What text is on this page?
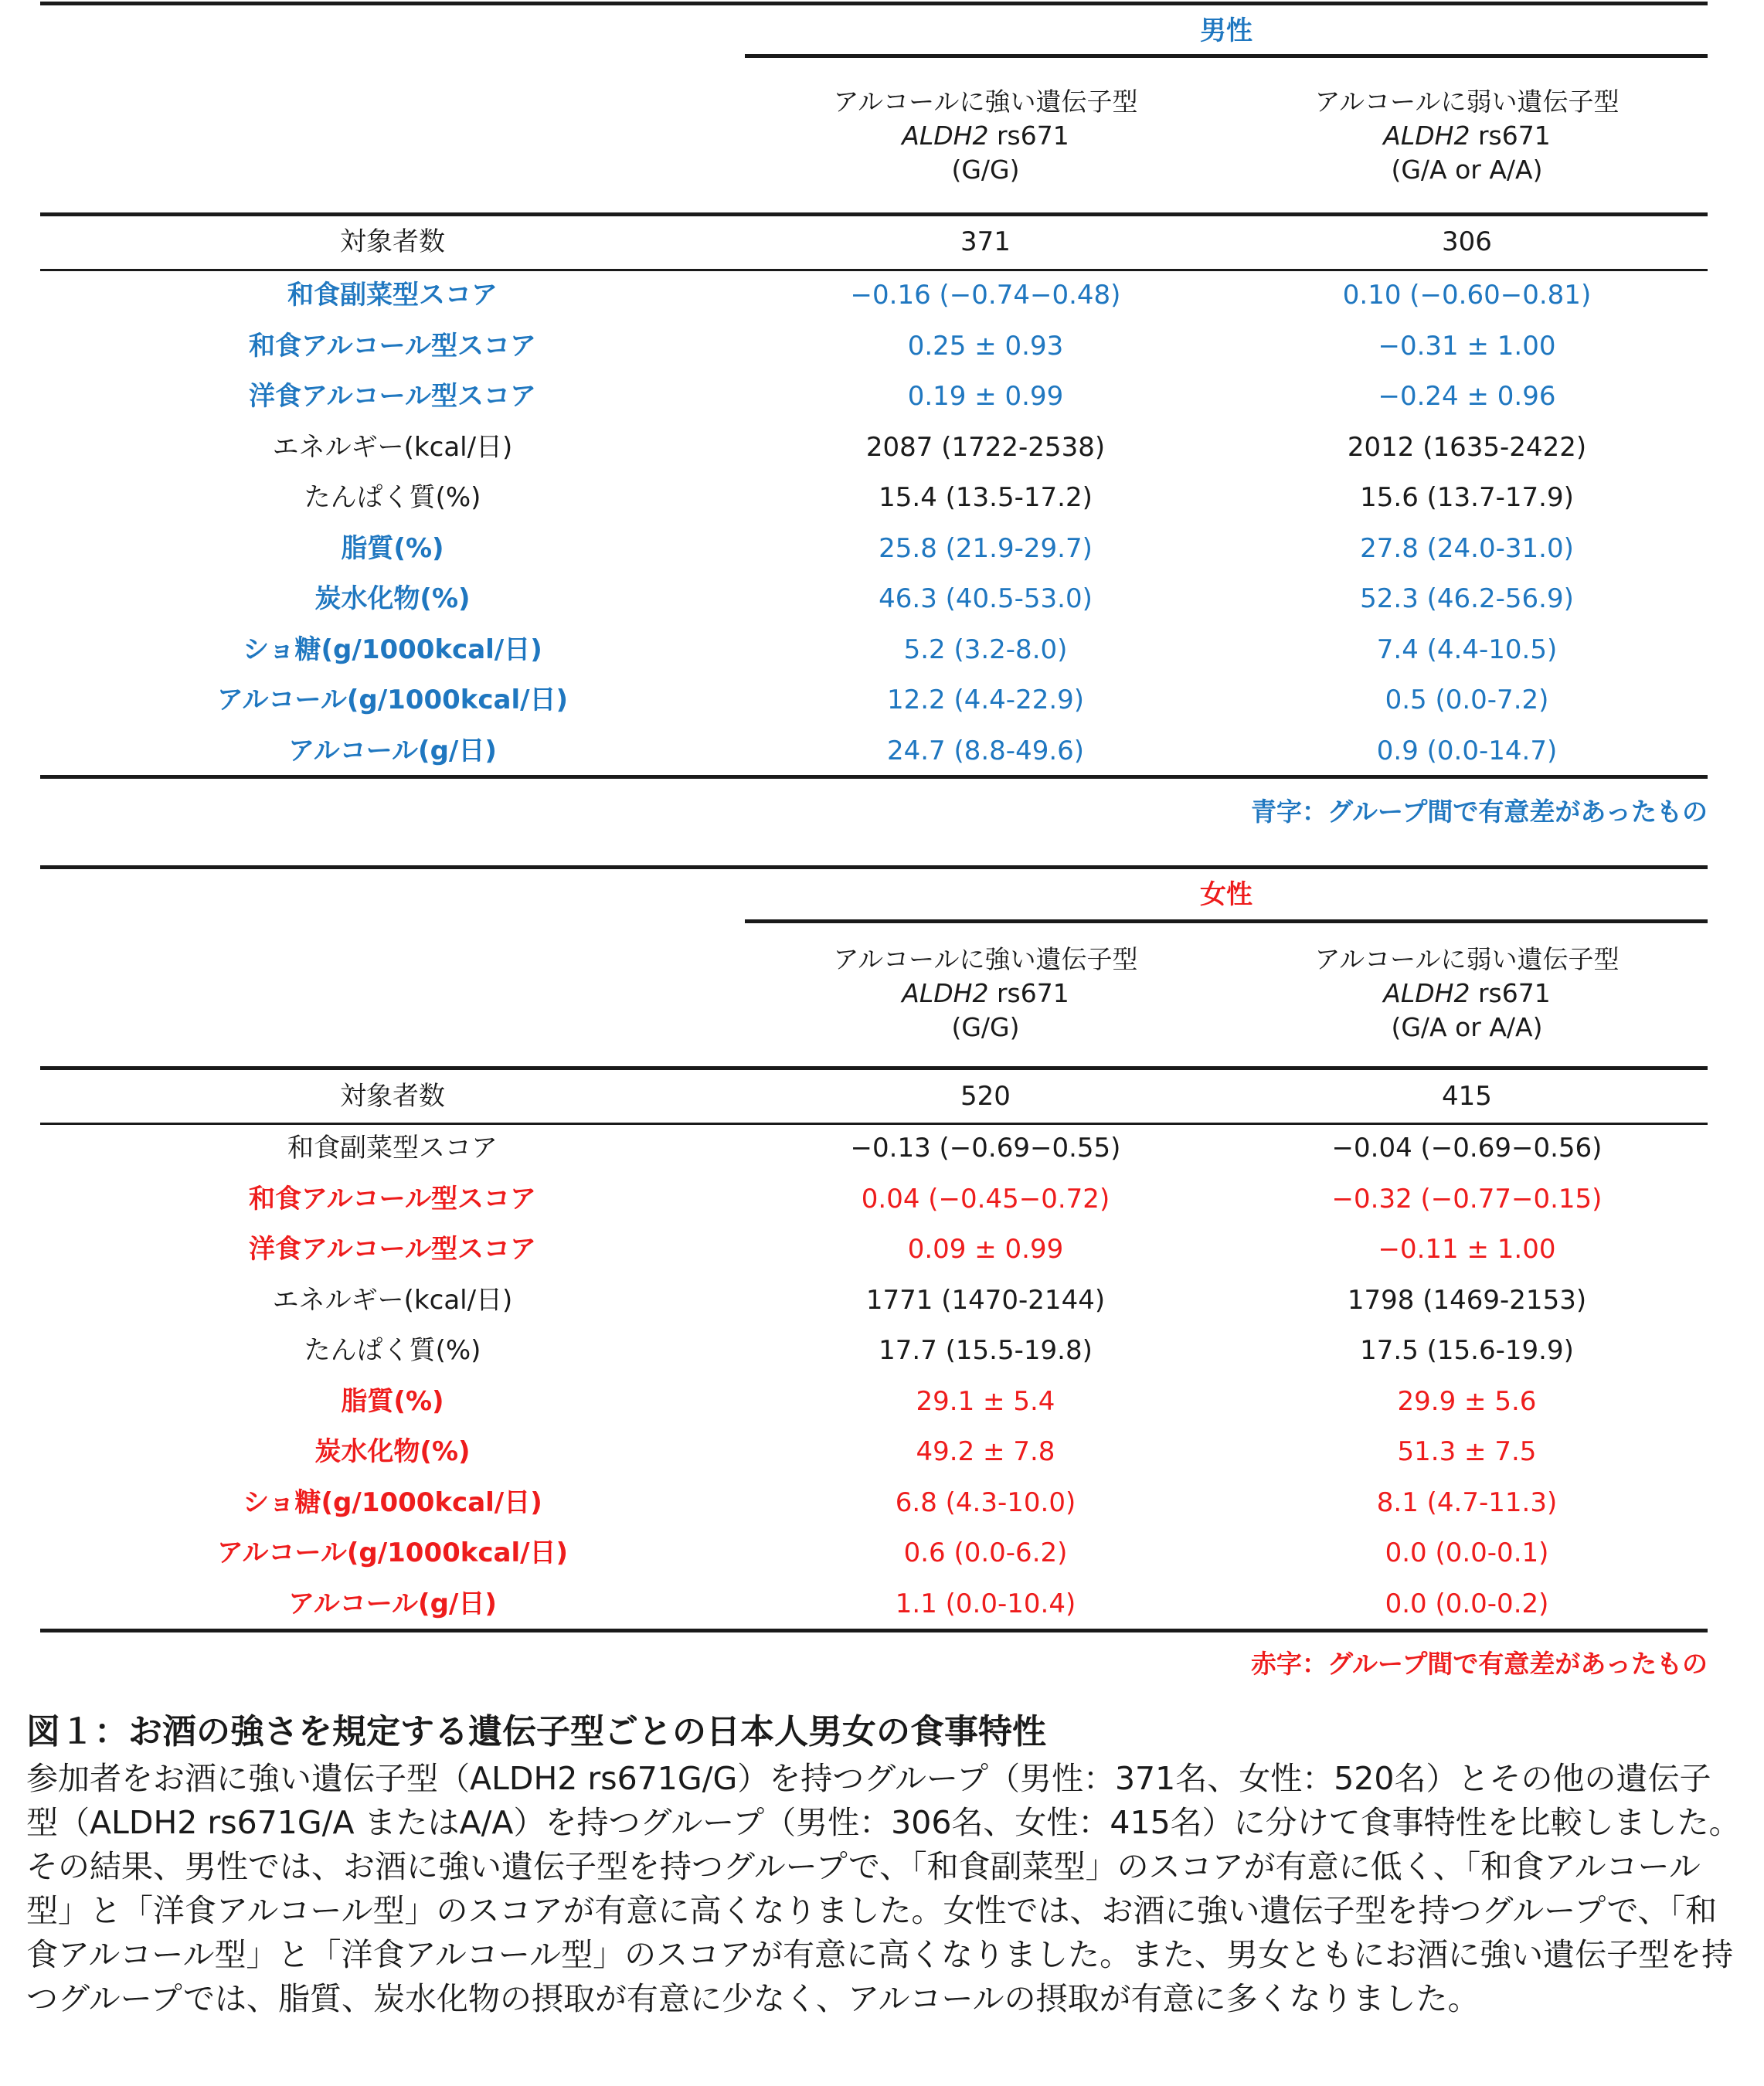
男性
アルコールに強い遺伝子型
ALDH2 rs671
(G/G)
アルコールに弱い遺伝子型
ALDH2 rs671
(G/A or A/A)
対象者数	371	306
和食副菜型スコア	−0.16 (−0.74−0.48)	0.10 (−0.60−0.81)
和食アルコール型スコア	0.25 ± 0.93	−0.31 ± 1.00
洋食アルコール型スコア	0.19 ± 0.99	−0.24 ± 0.96
エネルギー(kcal/日)	2087 (1722-2538)	2012 (1635-2422)
たんぱく質(%)	15.4 (13.5-17.2)	15.6 (13.7-17.9)
脂質(%)	25.8 (21.9-29.7)	27.8 (24.0-31.0)
炭水化物(%)	46.3 (40.5-53.0)	52.3 (46.2-56.9)
ショ糖(g/1000kcal/日)	5.2 (3.2-8.0)	7.4 (4.4-10.5)
アルコール(g/1000kcal/日)	12.2 (4.4-22.9)	0.5 (0.0-7.2)
アルコール(g/日)	24.7 (8.8-49.6)	0.9 (0.0-14.7)
青字：グループ間で有意差があったもの
女性
アルコールに強い遺伝子型
ALDH2 rs671
(G/G)
アルコールに弱い遺伝子型
ALDH2 rs671
(G/A or A/A)
対象者数	520	415
和食副菜型スコア	−0.13 (−0.69−0.55)	−0.04 (−0.69−0.56)
和食アルコール型スコア	0.04 (−0.45−0.72)	−0.32 (−0.77−0.15)
洋食アルコール型スコア	0.09 ± 0.99	−0.11 ± 1.00
エネルギー(kcal/日)	1771 (1470-2144)	1798 (1469-2153)
たんぱく質(%)	17.7 (15.5-19.8)	17.5 (15.6-19.9)
脂質(%)	29.1 ± 5.4	29.9 ± 5.6
炭水化物(%)	49.2 ± 7.8	51.3 ± 7.5
ショ糖(g/1000kcal/日)	6.8 (4.3-10.0)	8.1 (4.7-11.3)
アルコール(g/1000kcal/日)	0.6 (0.0-6.2)	0.0 (0.0-0.1)
アルコール(g/日)	1.1 (0.0-10.4)	0.0 (0.0-0.2)
赤字：グループ間で有意差があったもの
図１：お酒の強さを規定する遺伝子型ごとの日本人男女の食事特性
参加者をお酒に強い遺伝子型（ALDH2 rs671G/G）を持つグループ（男性：371名、女性：520名）とその他の遺伝子型（ALDH2 rs671G/A またはA/A）を持つグループ（男性：306名、女性：415名）に分けて食事特性を比較しました。その結果、男性では、お酒に強い遺伝子型を持つグループで、「和食副菜型」のスコアが有意に低く、「和食アルコール型」と「洋食アルコール型」のスコアが有意に高くなりました。女性では、お酒に強い遺伝子型を持つグループで、「和食アルコール型」と「洋食アルコール型」のスコアが有意に高くなりました。また、男女ともにお酒に強い遺伝子型を持つグループでは、脂質、炭水化物の摂取が有意に少なく、アルコールの摂取が有意に多くなりました。
